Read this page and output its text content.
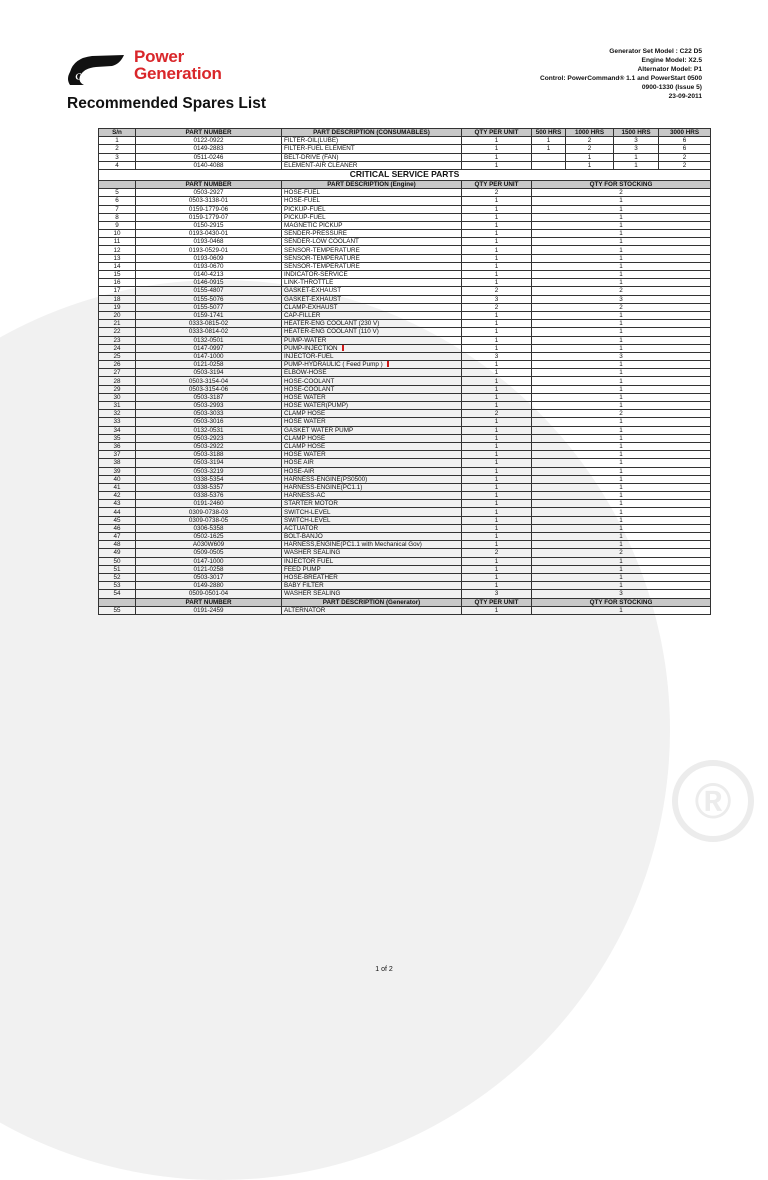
®
Cummins
Power
Generation
Recommended Spares List
Generator Set Model : C22 D5
Engine Model: X2.5
Alternator Model: P1
Control: PowerCommand® 1.1 and PowerStart 0500
0900-1330 (Issue 5)
23-09-2011
S/n	PART NUMBER	PART DESCRIPTION (CONSUMABLES)	QTY PER UNIT	500 HRS	1000 HRS	1500 HRS	3000 HRS
1	0122-0922	FILTER-OIL(LUBE)	1	1	2	3	6
2	0149-2883	FILTER-FUEL ELEMENT	1	1	2	3	6
3	0511-0246	BELT-DRIVE (FAN)	1		1	1	2
4	0140-4088	ELEMENT-AIR CLEANER	1		1	1	2
CRITICAL SERVICE PARTS							
	PART NUMBER	PART DESCRIPTION (Engine)	QTY PER UNIT	QTY FOR STOCKING			
5	0503-2927	HOSE-FUEL	2	2			
6	0503-3138-01	HOSE-FUEL	1	1			
7	0159-1779-06	PICKUP-FUEL	1	1			
8	0159-1779-07	PICKUP-FUEL	1	1			
9	0150-2915	MAGNETIC PICKUP	1	1			
10	0193-0430-01	SENDER-PRESSURE	1	1			
11	0193-0468	SENDER-LOW COOLANT	1	1			
12	0193-0529-01	SENSOR-TEMPERATURE	1	1			
13	0193-0609	SENSOR-TEMPERATURE	1	1			
14	0193-0670	SENSOR-TEMPERATURE	1	1			
15	0140-4213	INDICATOR-SERVICE	1	1			
16	0146-0915	LINK-THROTTLE	1	1			
17	0155-4807	GASKET-EXHAUST	2	2			
18	0155-5076	GASKET-EXHAUST	3	3			
19	0155-5077	CLAMP-EXHAUST	2	2			
20	0159-1741	CAP-FILLER	1	1			
21	0333-0815-02	HEATER-ENG COOLANT (230 V)	1	1			
22	0333-0814-02	HEATER-ENG COOLANT (110 V)	1	1			
23	0132-0501	PUMP-WATER	1	1			
24	0147-0997	PUMP-INJECTION	1	1			
25	0147-1000	INJECTOR-FUEL	3	3			
26	0121-0258	PUMP-HYDRAULIC ( Feed Pump )	1	1			
27	0503-3194	ELBOW-HOSE	1	1			
28	0503-3154-04	HOSE-COOLANT	1	1			
29	0503-3154-06	HOSE-COOLANT	1	1			
30	0503-3187	HOSE WATER	1	1			
31	0503-2993	HOSE WATER(PUMP)	1	1			
32	0503-3033	CLAMP HOSE	2	2			
33	0503-3016	HOSE WATER	1	1			
34	0132-0531	GASKET WATER PUMP	1	1			
35	0503-2923	CLAMP HOSE	1	1			
36	0503-2922	CLAMP HOSE	1	1			
37	0503-3188	HOSE WATER	1	1			
38	0503-3194	HOSE AIR	1	1			
39	0503-3219	HOSE-AIR	1	1			
40	0338-5354	HARNESS-ENGINE(PS0500)	1	1			
41	0338-5357	HARNESS-ENGINE(PC1.1)	1	1			
42	0338-5376	HARNESS-AC	1	1			
43	0191-2460	STARTER MOTOR	1	1			
44	0309-0738-03	SWITCH-LEVEL	1	1			
45	0309-0738-05	SWITCH-LEVEL	1	1			
46	0306-5358	ACTUATOR	1	1			
47	0502-1625	BOLT-BANJO	1	1			
48	A030W609	HARNESS,ENGINE(PC1.1 with Mechanical Gov)	1	1			
49	0509-0505	WASHER SEALING	2	2			
50	0147-1000	INJECTOR FUEL	1	1			
51	0121-0258	FEED PUMP	1	1			
52	0503-3017	HOSE-BREATHER	1	1			
53	0149-2880	BABY FILTER	1	1			
54	0509-0501-04	WASHER SEALING	3	3			
	PART NUMBER	PART DESCRIPTION (Generator)	QTY PER UNIT	QTY FOR STOCKING			
55	0191-2459	ALTERNATOR	1	1			
1 of 2
